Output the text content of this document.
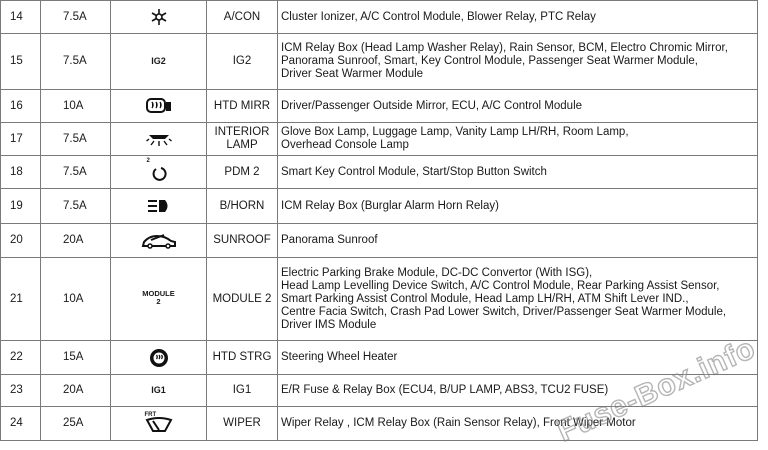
14	7.5A		A/CON	Cluster Ionizer, A/C Control Module, Blower Relay, PTC Relay

15	7.5A	IG2	IG2	ICM Relay Box (Head Lamp Washer Relay), Rain Sensor, BCM, Electro Chromic Mirror,
Panorama Sunroof, Smart, Key Control Module, Passenger Seat Warmer Module,
Driver Seat Warmer Module

16	10A		HTD MIRR	Driver/Passenger Outside Mirror, ECU, A/C Control Module

17	7.5A		INTERIOR
LAMP	Glove Box Lamp, Luggage Lamp, Vanity Lamp LH/RH, Room Lamp,
Overhead Console Lamp

18	7.5A	2	PDM 2	Smart Key Control Module, Start/Stop Button Switch

19	7.5A		B/HORN	ICM Relay Box (Burglar Alarm Horn Relay)

20	20A		SUNROOF	Panorama Sunroof

21	10A	MODULE
2	MODULE 2	Electric Parking Brake Module, DC-DC Convertor (With ISG),
Head Lamp Levelling Device Switch, A/C Control Module, Rear Parking Assist Sensor,
Smart Parking Assist Control Module, Head Lamp LH/RH, ATM Shift Lever IND.,
Centre Facia Switch, Crash Pad Lower Switch, Driver/Passenger Seat Warmer Module,
Driver IMS Module

22	15A		HTD STRG	Steering Wheel Heater

23	20A	IG1	IG1	E/R Fuse & Relay Box (ECU4, B/UP LAMP, ABS3, TCU2 FUSE)

24	25A	FRT	WIPER	Wiper Relay , ICM Relay Box (Rain Sensor Relay), Front Wiper Motor
Fuse-Box.info
